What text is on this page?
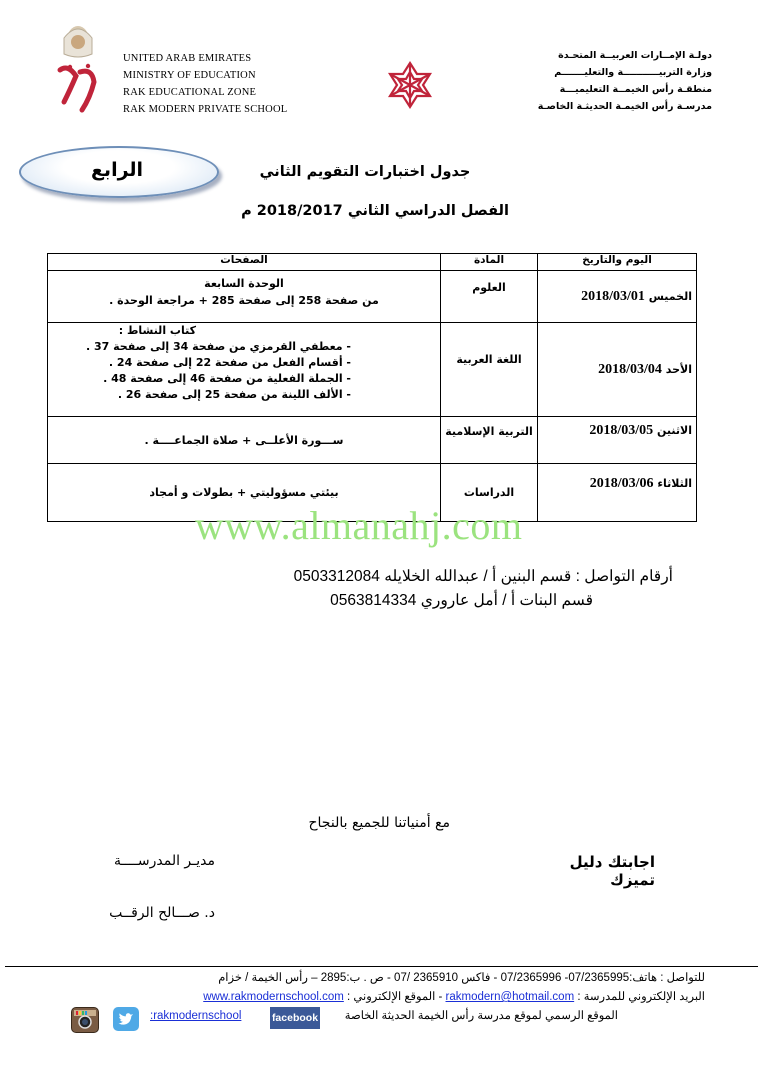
UNITED ARAB EMIRATES
MINISTRY OF EDUCATION
RAK EDUCATIONAL ZONE
RAK MODERN PRIVATE SCHOOL
دولـة الإمــارات العربيــة المتحـدة
وزارة التربيـــــــــــة والتعليـــــــم
منطقـة رأس الخيمــة التعليميـــة
مدرسـة رأس الخيمـة الحديثـة الخاصـة
الرابع	جدول اختبارات التقويم الثاني
الفصل الدراسي الثاني 2018/2017 م
اليوم والتاريخ	المادة	الصفحات
الخميس 2018/03/01	العلوم	الوحدة السابعة
من صفحة 258 إلى صفحة 285 + مراجعة الوحدة .

الأحد 2018/03/04	اللغة العربية	كتاب النشاط :
- معطفي القرمزي من صفحة 34 إلى صفحة 37 .
- أقسام الفعل من صفحة 22 إلى صفحة 24 .
- الجملة الفعلية من صفحة 46 إلى صفحة 48 .
- الألف اللينة من صفحة 25 إلى صفحة 26 .

الاثنين 2018/03/05	التربية الإسلامية	ســـورة الأعلــى + صلاة الجماعــــة .

الثلاثاء 2018/03/06	الدراسات	بيئتي مسؤوليتي + بطولات و أمجاد
www.almanahj.com
أرقام التواصل : قسم البنين أ / عبدالله الخلايله 0503312084
قسم البنات أ / أمل عاروري 0563814334
مع أمنياتنا للجميع بالنجاح
اجابتك دليل تميزك
مديـر المدرســــة
د. صـــالح الرقــب
للتواصل : هاتف:07/2365995- 07/2365996 - فاكس 2365910 /07 - ص . ب:2895 – رأس الخيمة / خزام
البريد الإلكتروني للمدرسة : rakmodern@hotmail.com - الموقع الإلكتروني : www.rakmodernschool.com
الموقع الرسمي لموقع مدرسة رأس الخيمة الحديثة الخاصة
facebook
:rakmodernschool
